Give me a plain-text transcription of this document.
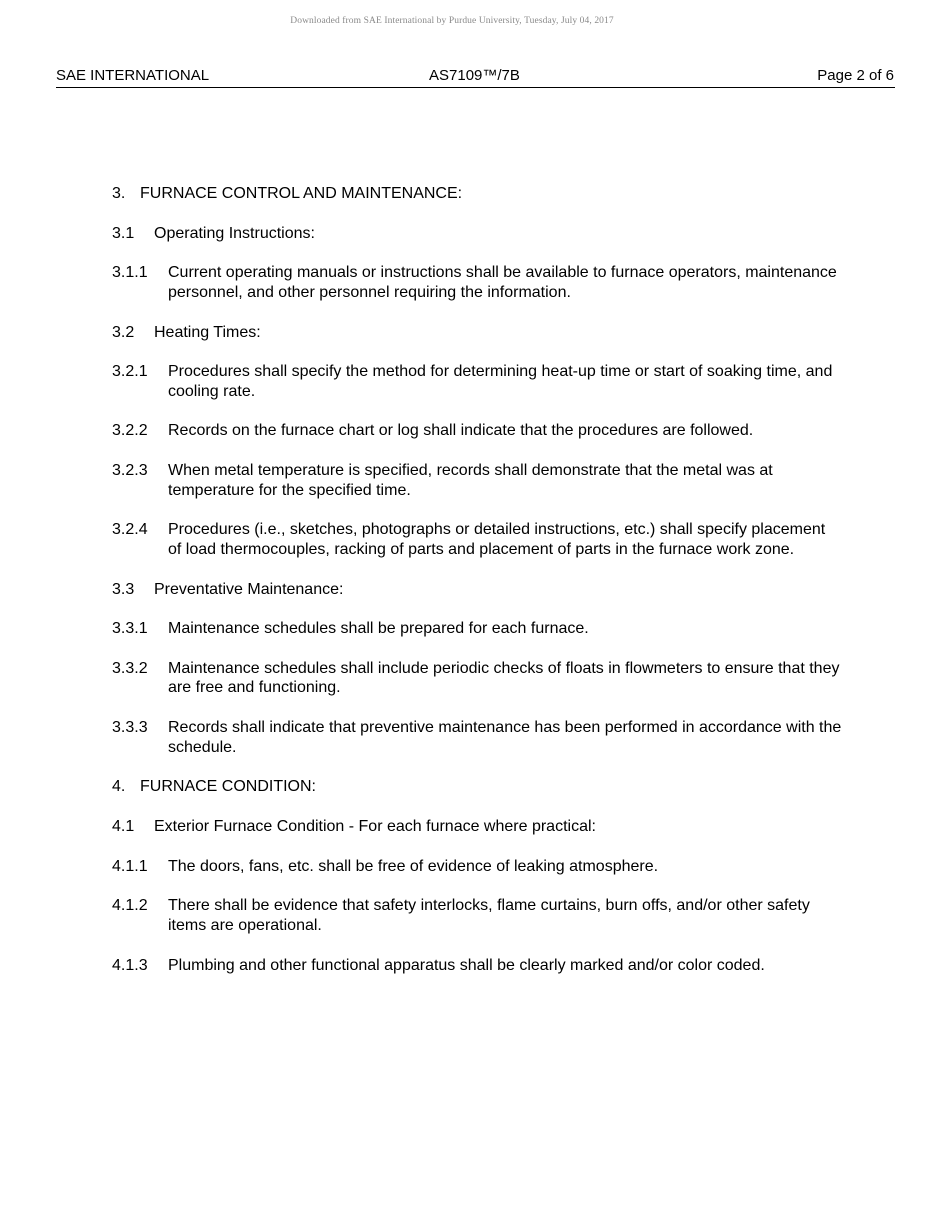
Downloaded from SAE International by Purdue University, Tuesday, July 04, 2017
SAE INTERNATIONAL	AS7109™/7B	Page 2 of 6
3. FURNACE CONTROL AND MAINTENANCE:
3.1	Operating Instructions:
3.1.1	Current operating manuals or instructions shall be available to furnace operators, maintenance personnel, and other personnel requiring the information.
3.2	Heating Times:
3.2.1	Procedures shall specify the method for determining heat-up time or start of soaking time, and cooling rate.
3.2.2	Records on the furnace chart or log shall indicate that the procedures are followed.
3.2.3	When metal temperature is specified, records shall demonstrate that the metal was at temperature for the specified time.
3.2.4	Procedures (i.e., sketches, photographs or detailed instructions, etc.) shall specify placement of load thermocouples, racking of parts and placement of parts in the furnace work zone.
3.3	Preventative Maintenance:
3.3.1	Maintenance schedules shall be prepared for each furnace.
3.3.2	Maintenance schedules shall include periodic checks of floats in flowmeters to ensure that they are free and functioning.
3.3.3	Records shall indicate that preventive maintenance has been performed in accordance with the schedule.
4. FURNACE CONDITION:
4.1	Exterior Furnace Condition - For each furnace where practical:
4.1.1	The doors, fans, etc. shall be free of evidence of leaking atmosphere.
4.1.2	There shall be evidence that safety interlocks, flame curtains, burn offs, and/or other safety items are operational.
4.1.3	Plumbing and other functional apparatus shall be clearly marked and/or color coded.
